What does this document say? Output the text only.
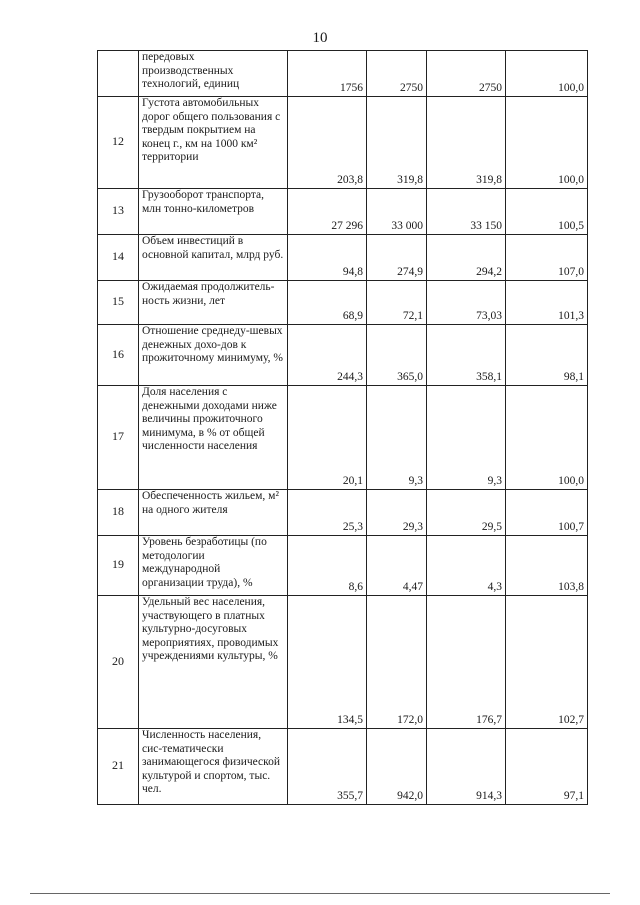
10
	передовых производственных технологий, единиц	1756	2750	2750	100,0
12	Густота автомобильных дорог общего пользования с твердым покрытием на конец г., км на 1000 км² территории	203,8	319,8	319,8	100,0
13	Грузооборот транспорта, млн тонно-километров	27 296	33 000	33 150	100,5
14	Объем инвестиций в основной капитал, млрд руб.	94,8	274,9	294,2	107,0
15	Ожидаемая продолжитель-ность жизни, лет	68,9	72,1	73,03	101,3
16	Отношение среднеду-шевых денежных дохо-дов к прожиточному минимуму, %	244,3	365,0	358,1	98,1
17	Доля населения с денежными доходами ниже величины прожиточного минимума, в % от общей численности населения	20,1	9,3	9,3	100,0
18	Обеспеченность жильем, м² на одного жителя	25,3	29,3	29,5	100,7
19	Уровень безработицы (по методологии международной организации труда), %	8,6	4,47	4,3	103,8
20	Удельный вес населения, участвующего в платных культурно-досуговых мероприятиях, проводимых учреждениями культуры, %	134,5	172,0	176,7	102,7
21	Численность населения, сис-тематически занимающегося физической культурой и спортом, тыс. чел.	355,7	942,0	914,3	97,1
